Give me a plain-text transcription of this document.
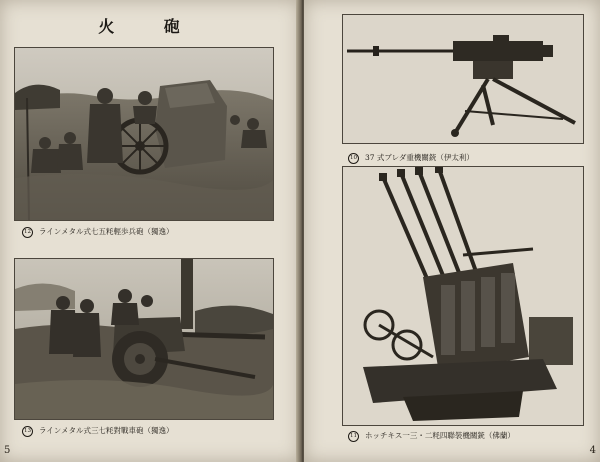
火 砲
12 ラインメタル式七五粍輕歩兵砲（獨逸）
13 ラインメタル式三七粍對戰車砲（獨逸）
5
10 37 式ブレダ重機關銃（伊太利）
11 ホッチキス一三・二粍四聯裝機關銃（佛蘭）
4
